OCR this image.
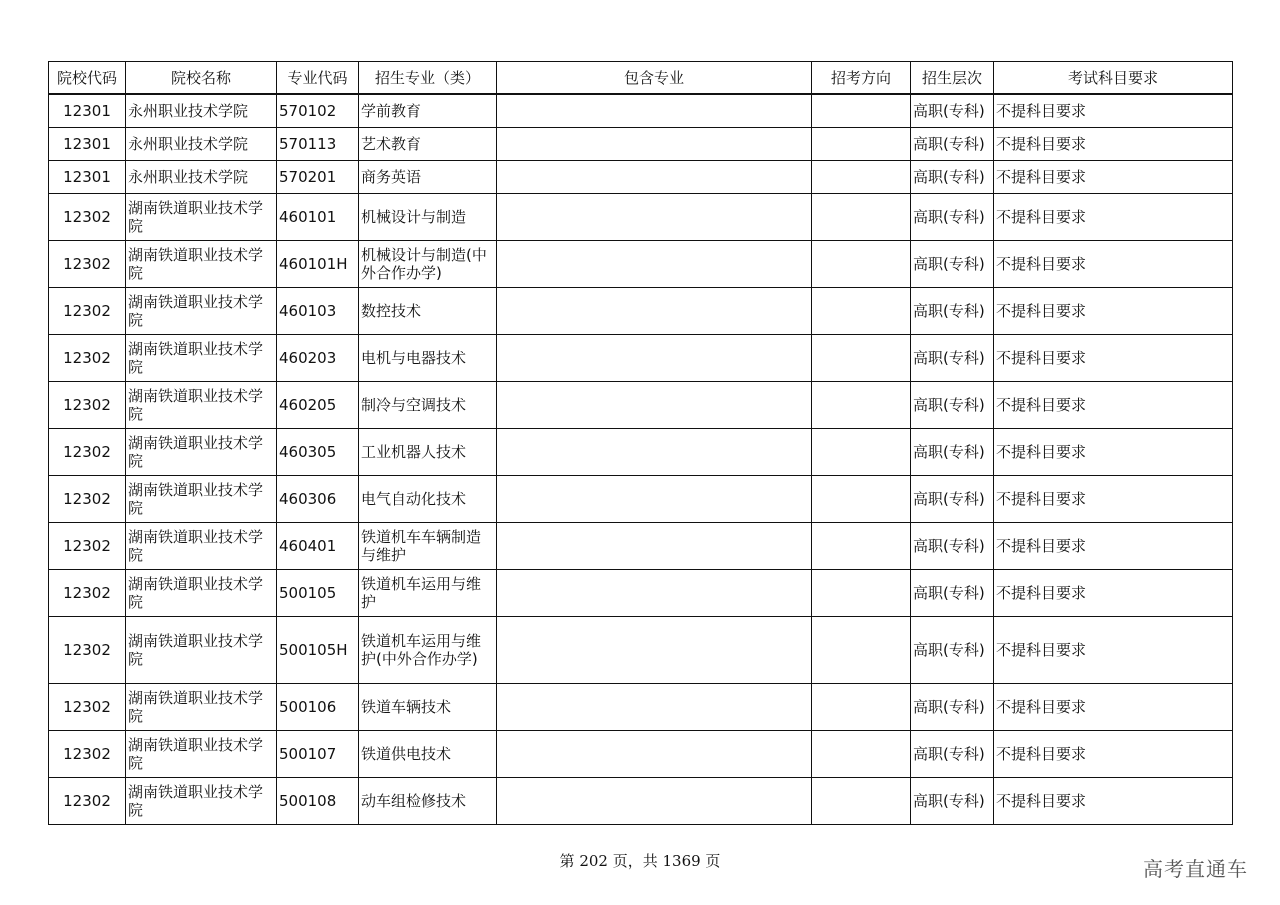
院校代码	院校名称	专业代码	招生专业（类）	包含专业	招考方向	招生层次	考试科目要求
12301	永州职业技术学院	570102	学前教育			高职(专科)	不提科目要求
12301	永州职业技术学院	570113	艺术教育			高职(专科)	不提科目要求
12301	永州职业技术学院	570201	商务英语			高职(专科)	不提科目要求
12302	湖南铁道职业技术学院	460101	机械设计与制造			高职(专科)	不提科目要求
12302	湖南铁道职业技术学院	460101H	机械设计与制造(中外合作办学)			高职(专科)	不提科目要求
12302	湖南铁道职业技术学院	460103	数控技术			高职(专科)	不提科目要求
12302	湖南铁道职业技术学院	460203	电机与电器技术			高职(专科)	不提科目要求
12302	湖南铁道职业技术学院	460205	制冷与空调技术			高职(专科)	不提科目要求
12302	湖南铁道职业技术学院	460305	工业机器人技术			高职(专科)	不提科目要求
12302	湖南铁道职业技术学院	460306	电气自动化技术			高职(专科)	不提科目要求
12302	湖南铁道职业技术学院	460401	铁道机车车辆制造与维护			高职(专科)	不提科目要求
12302	湖南铁道职业技术学院	500105	铁道机车运用与维护			高职(专科)	不提科目要求
12302	湖南铁道职业技术学院	500105H	铁道机车运用与维护(中外合作办学)			高职(专科)	不提科目要求
12302	湖南铁道职业技术学院	500106	铁道车辆技术			高职(专科)	不提科目要求
12302	湖南铁道职业技术学院	500107	铁道供电技术			高职(专科)	不提科目要求
12302	湖南铁道职业技术学院	500108	动车组检修技术			高职(专科)	不提科目要求
第 202 页，共 1369 页	高考直通车
